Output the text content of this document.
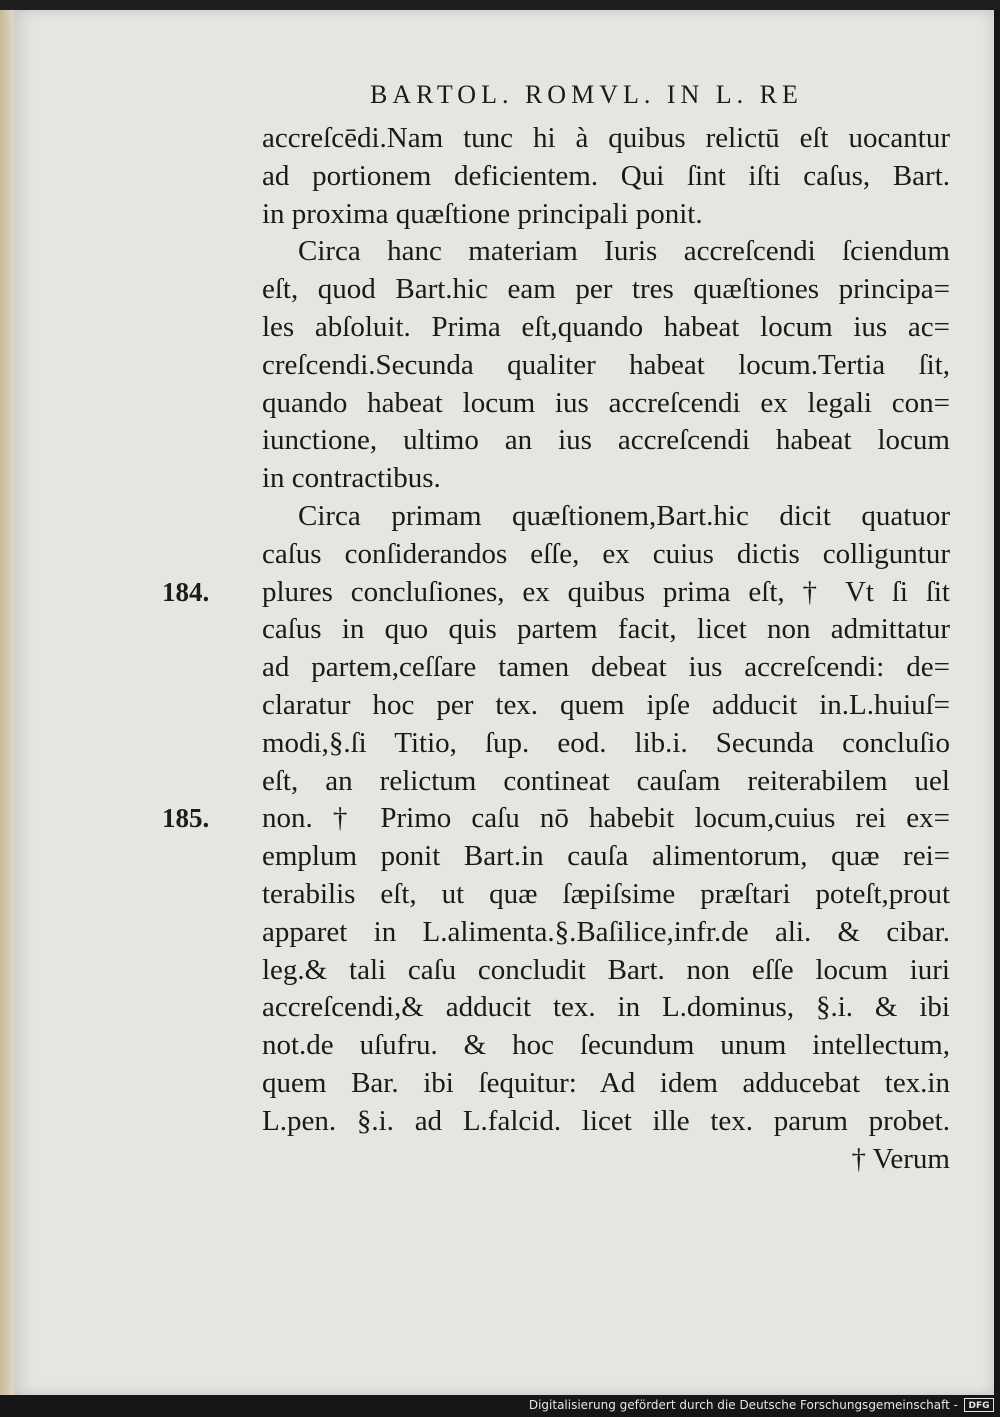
BARTOL. ROMVL. IN L. RE
accreſcēdi.Nam tunc hi à quibus relictū eſt uocantur
ad portionem deficientem. Qui ſint iſti caſus, Bart.
in proxima quæſtione principali ponit.
Circa hanc materiam Iuris accreſcendi ſciendum
eſt, quod Bart.hic eam per tres quæſtiones principa=
les abſoluit. Prima eſt,quando habeat locum ius ac=
creſcendi.Secunda qualiter habeat locum.Tertia ſit,
quando habeat locum ius accreſcendi ex legali con=
iunctione, ultimo an ius accreſcendi habeat locum
in contractibus.
Circa primam quæſtionem,Bart.hic dicit quatuor
caſus conſiderandos eſſe, ex cuius dictis colliguntur
plures concluſiones, ex quibus prima eſt, † Vt ſi ſit
caſus in quo quis partem facit, licet non admittatur
ad partem,ceſſare tamen debeat ius accreſcendi: de=
claratur hoc per tex. quem ipſe adducit in.L.huiuſ=
modi,§.ſi Titio, ſup. eod. lib.i. Secunda concluſio
eſt, an relictum contineat cauſam reiterabilem uel
non. † Primo caſu nō habebit locum,cuius rei ex=
emplum ponit Bart.in cauſa alimentorum, quæ rei=
terabilis eſt, ut quæ ſæpiſsime præſtari poteſt,prout
apparet in L.alimenta.§.Baſilice,infr.de ali. & cibar.
leg.& tali caſu concludit Bart. non eſſe locum iuri
accreſcendi,& adducit tex. in L.dominus, §.i. & ibi
not.de uſufru. & hoc ſecundum unum intellectum,
quem Bar. ibi ſequitur: Ad idem adducebat tex.in
L.pen. §.i. ad L.falcid. licet ille tex. parum probet.
† Verum
184.
185.
Digitalisierung gefördert durch die Deutsche Forschungsgemeinschaft -	DFG
